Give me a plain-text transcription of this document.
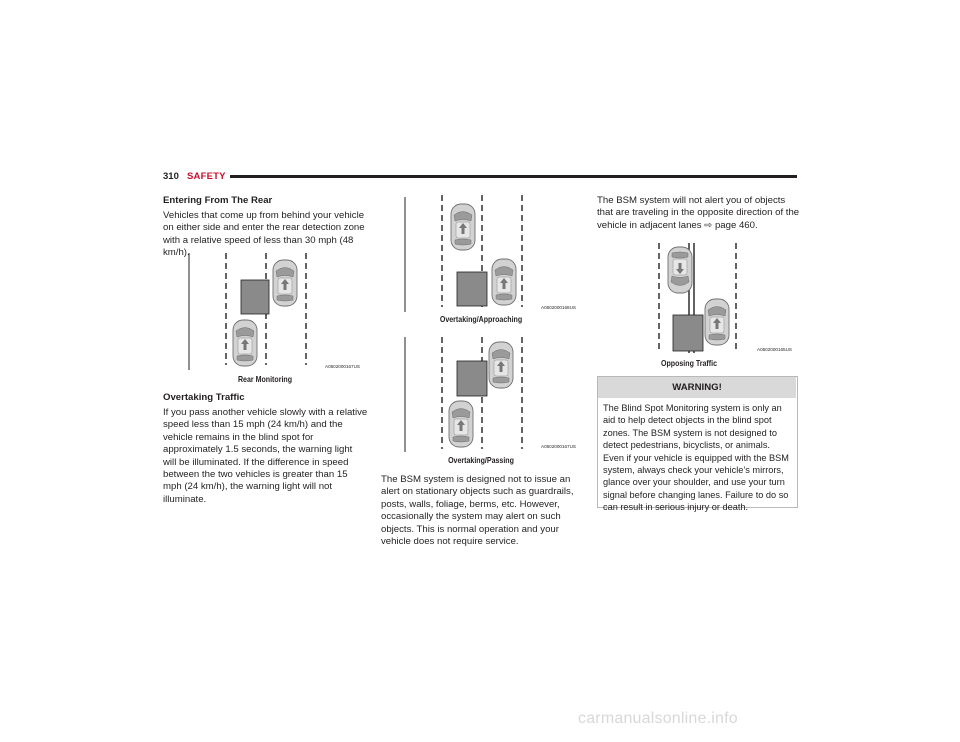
310 SAFETY
Entering From The Rear
Vehicles that come up from behind your vehicle on either side and enter the rear detection zone with a relative speed of less than 30 mph (48 km/h).
A0502000167US
Rear Monitoring
Overtaking Traffic
If you pass another vehicle slowly with a relative speed less than 15 mph (24 km/h) and the vehicle remains in the blind spot for approximately 1.5 seconds, the warning light will be illuminated. If the difference in speed between the two vehicles is greater than 15 mph (24 km/h), the warning light will not illuminate.
A0502000168US
Overtaking/Approaching
A0502000167US
Overtaking/Passing
The BSM system is designed not to issue an alert on stationary objects such as guardrails, posts, walls, foliage, berms, etc. However, occasionally the system may alert on such objects. This is normal operation and your vehicle does not require service.
The BSM system will not alert you of objects that are traveling in the opposite direction of the vehicle in adjacent lanes ⇨ page 460.
A0502000165US
Opposing Traffic
WARNING!
The Blind Spot Monitoring system is only an aid to help detect objects in the blind spot zones. The BSM system is not designed to detect pedestrians, bicyclists, or animals. Even if your vehicle is equipped with the BSM system, always check your vehicle’s mirrors, glance over your shoulder, and use your turn signal before changing lanes. Failure to do so can result in serious injury or death.
carmanualsonline.info
